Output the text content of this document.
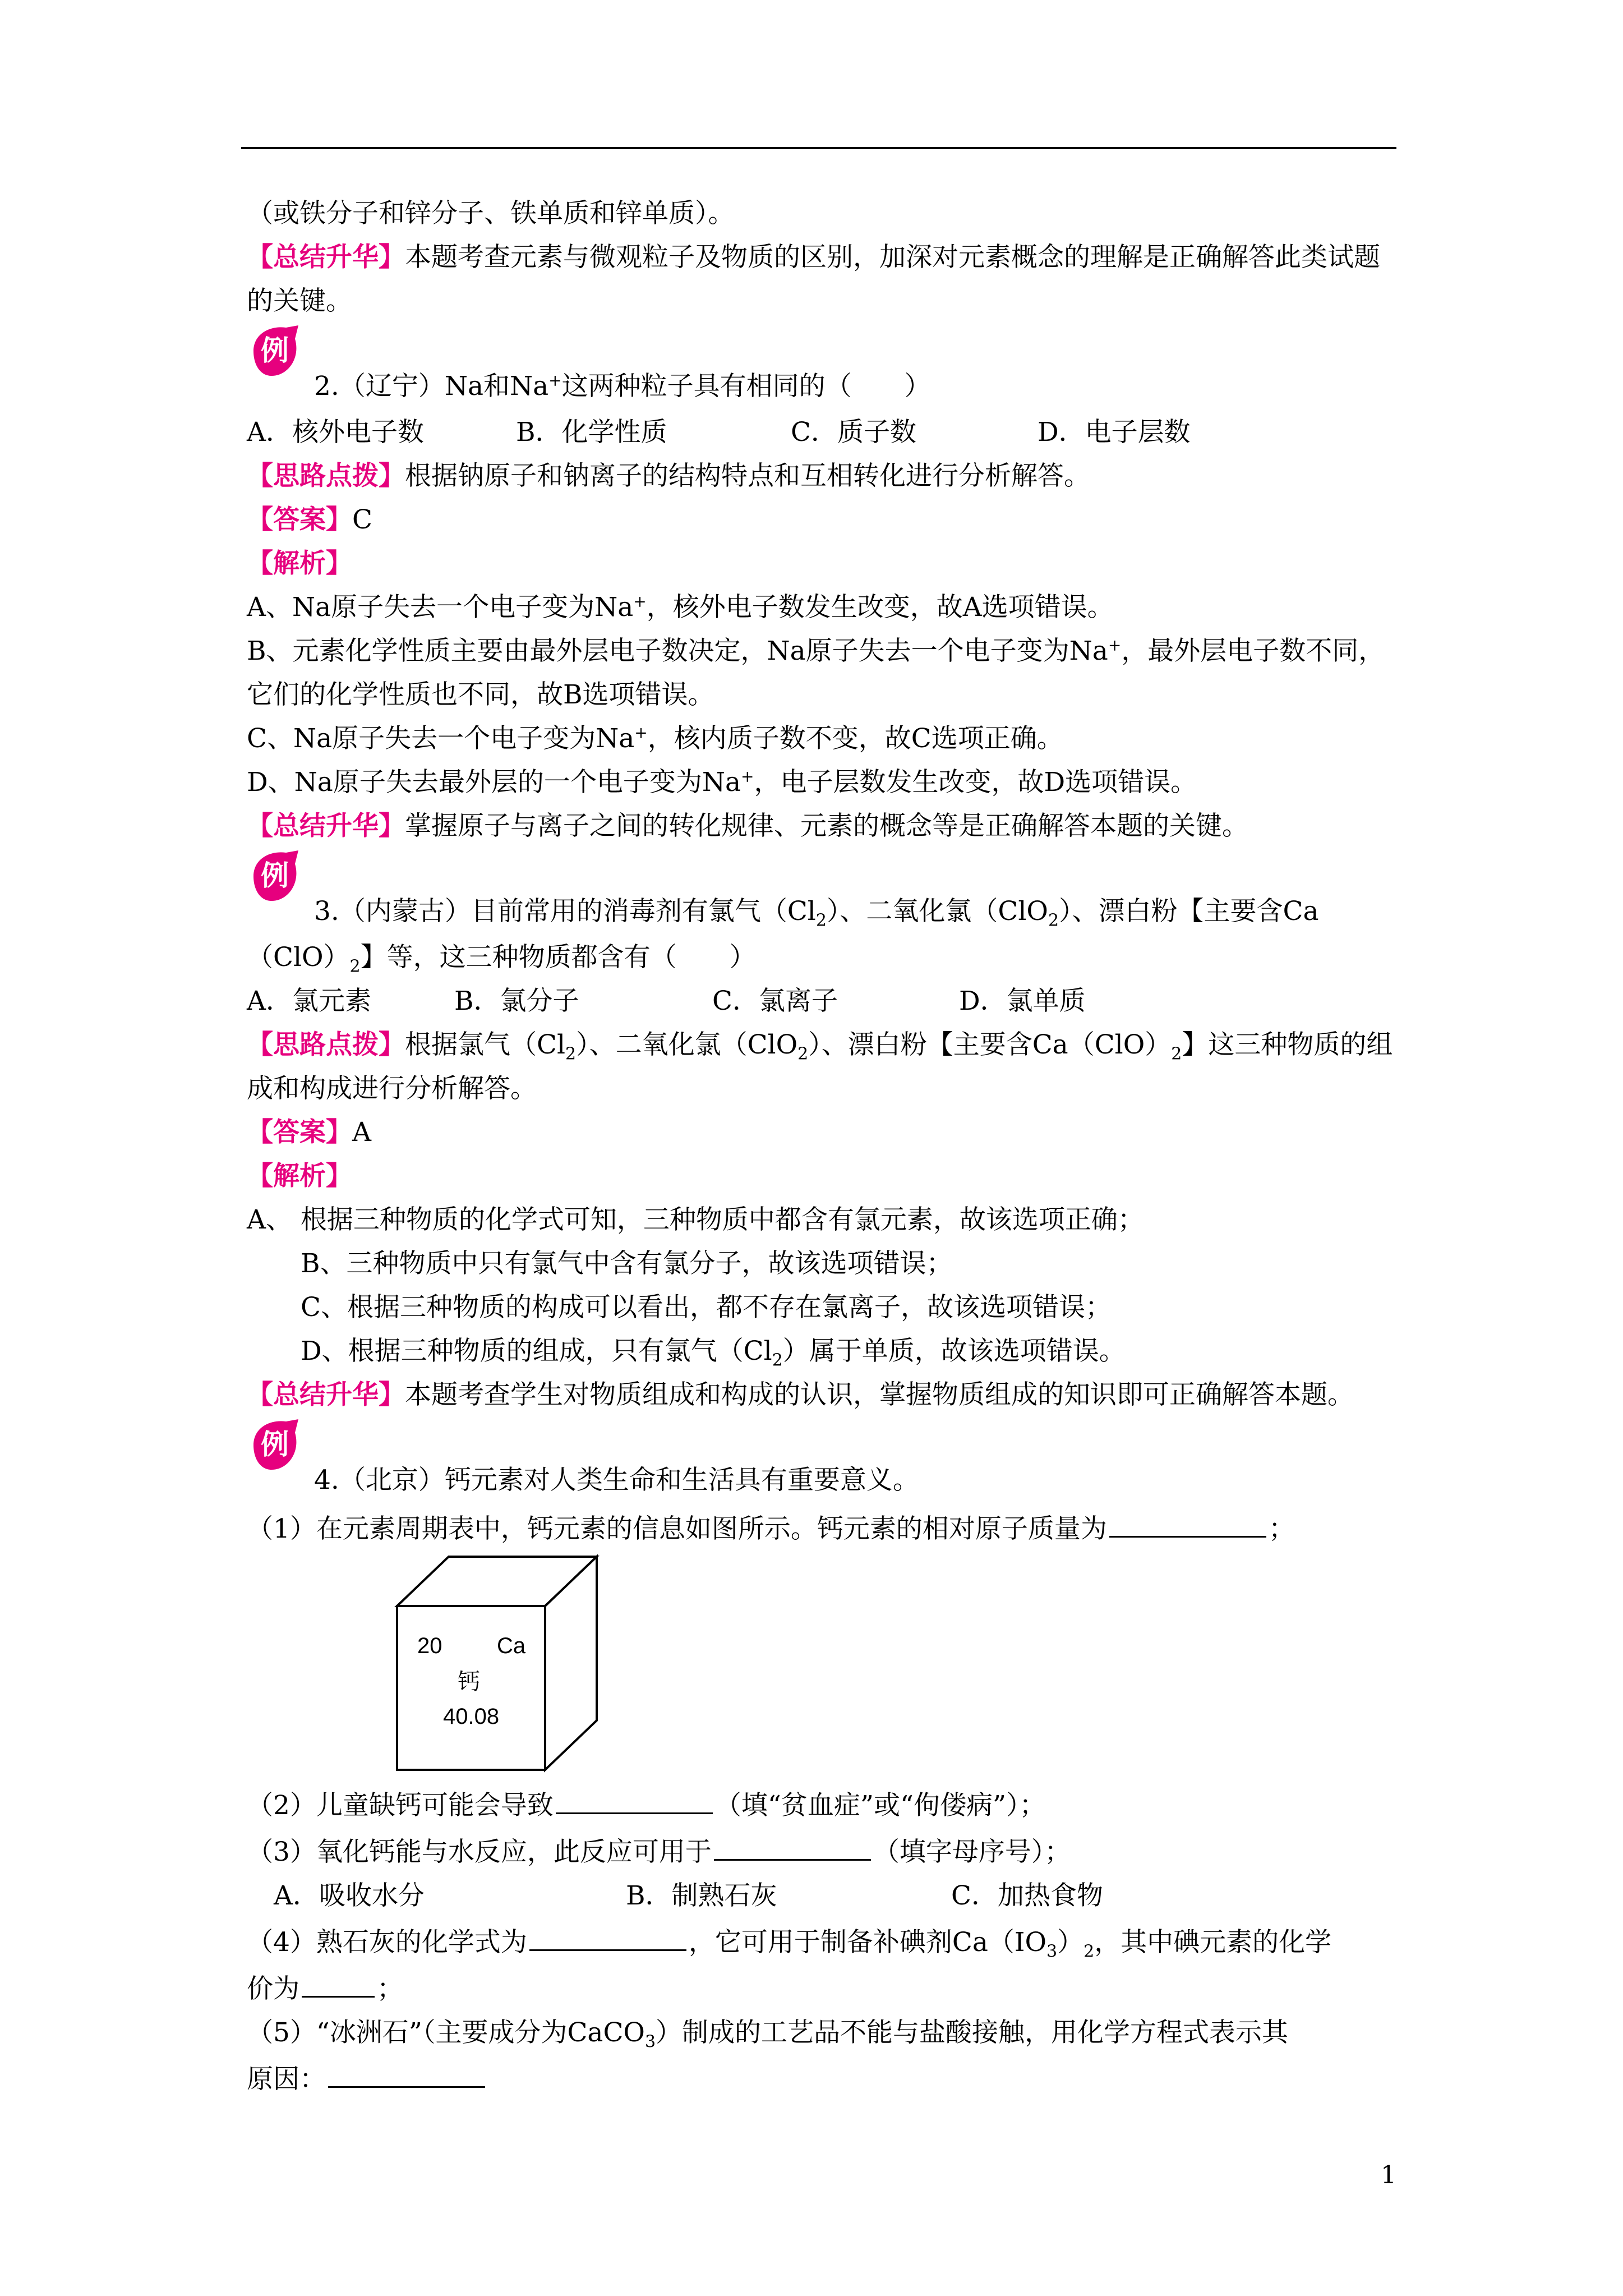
（或铁分子和锌分子、铁单质和锌单质）。

【总结升华】本题考查元素与微观粒子及物质的区别，加深对元素概念的理解是正确解答此类试题的关键。

例
2.（辽宁）Na和Na+这两种粒子具有相同的（　　）

A．核外电子数	B．化学性质	C．质子数	D．电子层数

【思路点拨】根据钠原子和钠离子的结构特点和互相转化进行分析解答。

【答案】C

【解析】

A、Na原子失去一个电子变为Na+，核外电子数发生改变，故A选项错误。

B、元素化学性质主要由最外层电子数决定，Na原子失去一个电子变为Na+，最外层电子数不同，它们的化学性质也不同，故B选项错误。

C、Na原子失去一个电子变为Na+，核内质子数不变，故C选项正确。

D、Na原子失去最外层的一个电子变为Na+，电子层数发生改变，故D选项错误。

【总结升华】掌握原子与离子之间的转化规律、元素的概念等是正确解答本题的关键。

例
3.（内蒙古）目前常用的消毒剂有氯气$(Cl_2)$、二氧化氯（ClO$_2$）、漂白粉【主要含Ca

$(ClO)_2$】等，这三种物质都含有（　　）

A．氯元素	B．氯分子	C．氯离子	D．氯单质

【思路点拨】根据氯气$(Cl_2)$、二氧化氯（ClO$_2$）、漂白粉【主要含$Ca(ClO)_2$】这三种物质的组成和构成进行分析解答。

【答案】A

【解析】

A、 根据三种物质的化学式可知，三种物质中都含有氯元素，故该选项正确；

B、三种物质中只有氯气中含有氯分子，故该选项错误；

C、根据三种物质的构成可以看出，都不存在氯离子，故该选项错误；

D、根据三种物质的组成，只有氯气$(Cl_2)$属于单质，故该选项错误。

【总结升华】本题考查学生对物质组成和构成的认识，掌握物质组成的知识即可正确解答本题。

例
4.（北京）钙元素对人类生命和生活具有重要意义。

（1）在元素周期表中，钙元素的信息如图所示。钙元素的相对原子质量为	；

20 Ca
钙
40.08

（2）儿童缺钙可能会导致	（填“贫血症”或“佝偻病”）；

（3）氧化钙能与水反应，此反应可用于	（填字母序号）；

A．吸收水分	B．制熟石灰	C．加热食物

（4）熟石灰的化学式为	，它可用于制备补碘剂$Ca(IO_3)_2$，其中碘元素的化学

价为	；

（5）“冰洲石”（主要成分为CaCO$_3$）制成的工艺品不能与盐酸接触，用化学方程式表示其

原因：

1
